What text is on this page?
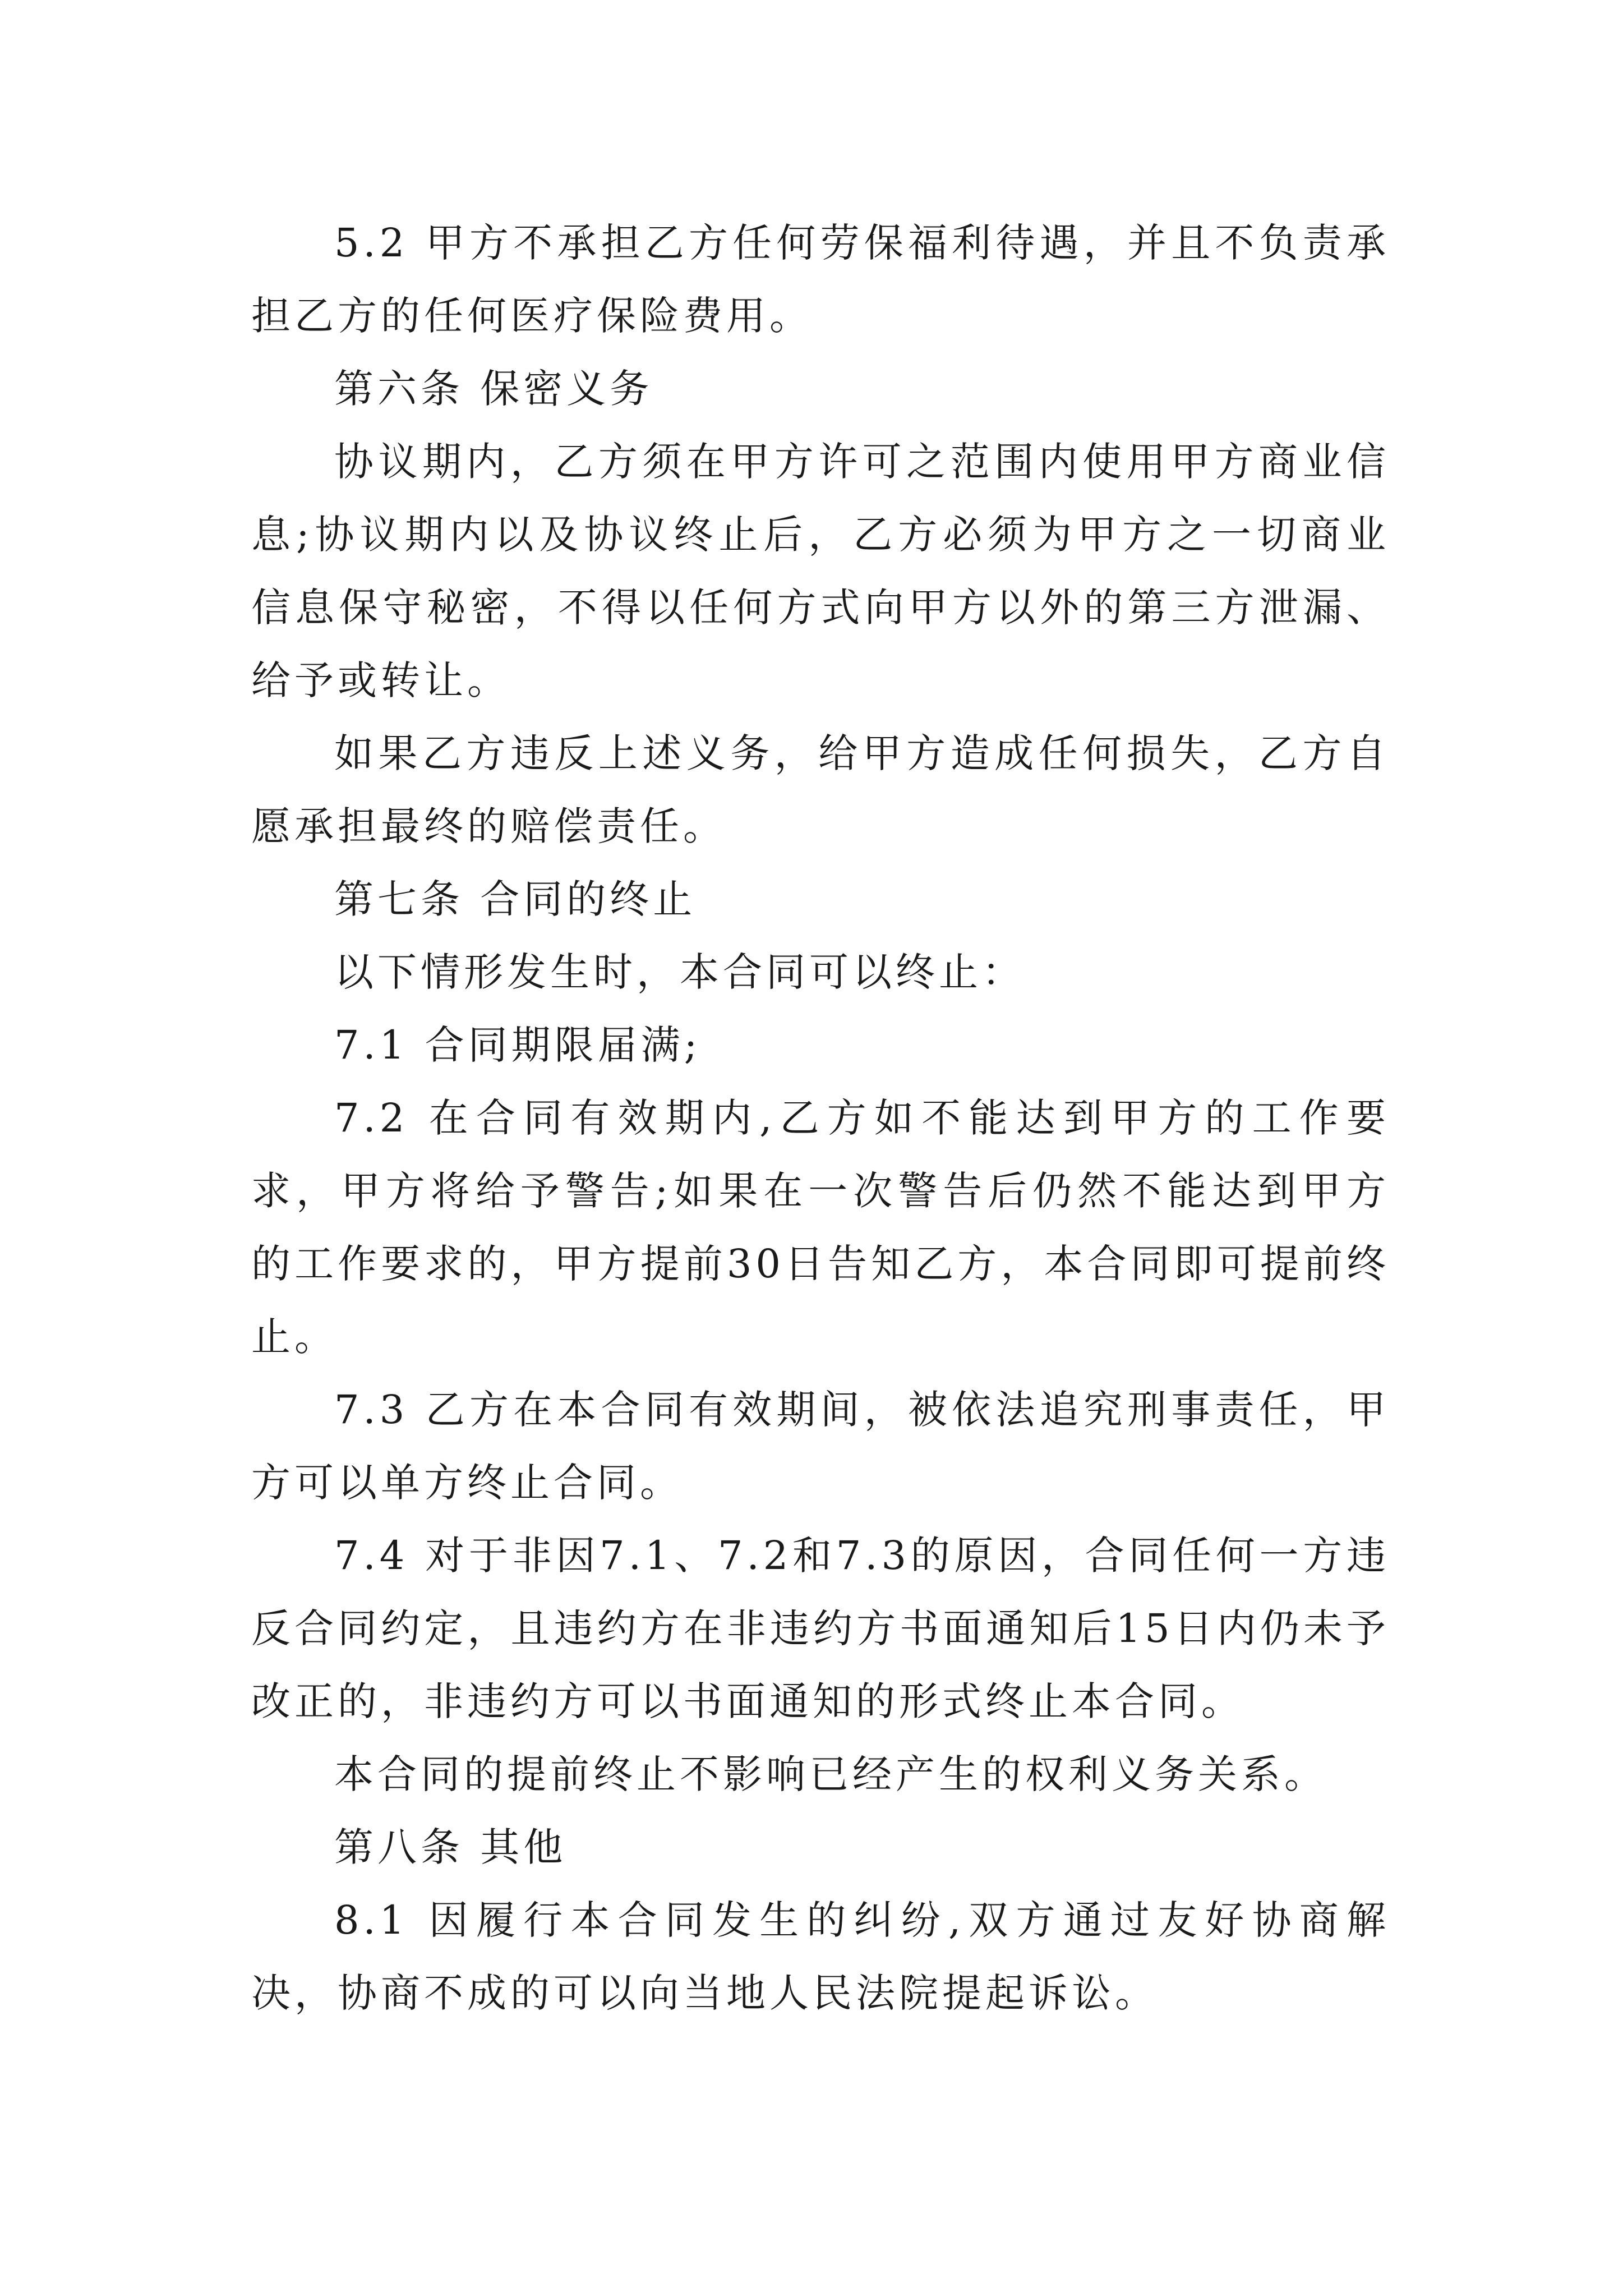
5.2 甲方不承担乙方任何劳保福利待遇，并且不负责承担乙方的任何医疗保险费用。

第六条 保密义务

协议期内，乙方须在甲方许可之范围内使用甲方商业信息;协议期内以及协议终止后，乙方必须为甲方之一切商业信息保守秘密，不得以任何方式向甲方以外的第三方泄漏、给予或转让。

如果乙方违反上述义务，给甲方造成任何损失，乙方自愿承担最终的赔偿责任。

第七条 合同的终止

以下情形发生时，本合同可以终止：

7.1 合同期限届满;

7.2 在合同有效期内,乙方如不能达到甲方的工作要求，甲方将给予警告;如果在一次警告后仍然不能达到甲方的工作要求的，甲方提前30日告知乙方，本合同即可提前终止。

7.3 乙方在本合同有效期间，被依法追究刑事责任，甲方可以单方终止合同。

7.4 对于非因7.1、7.2和7.3的原因，合同任何一方违反合同约定，且违约方在非违约方书面通知后15日内仍未予改正的，非违约方可以书面通知的形式终止本合同。

本合同的提前终止不影响已经产生的权利义务关系。

第八条 其他

8.1 因履行本合同发生的纠纷,双方通过友好协商解决，协商不成的可以向当地人民法院提起诉讼。
